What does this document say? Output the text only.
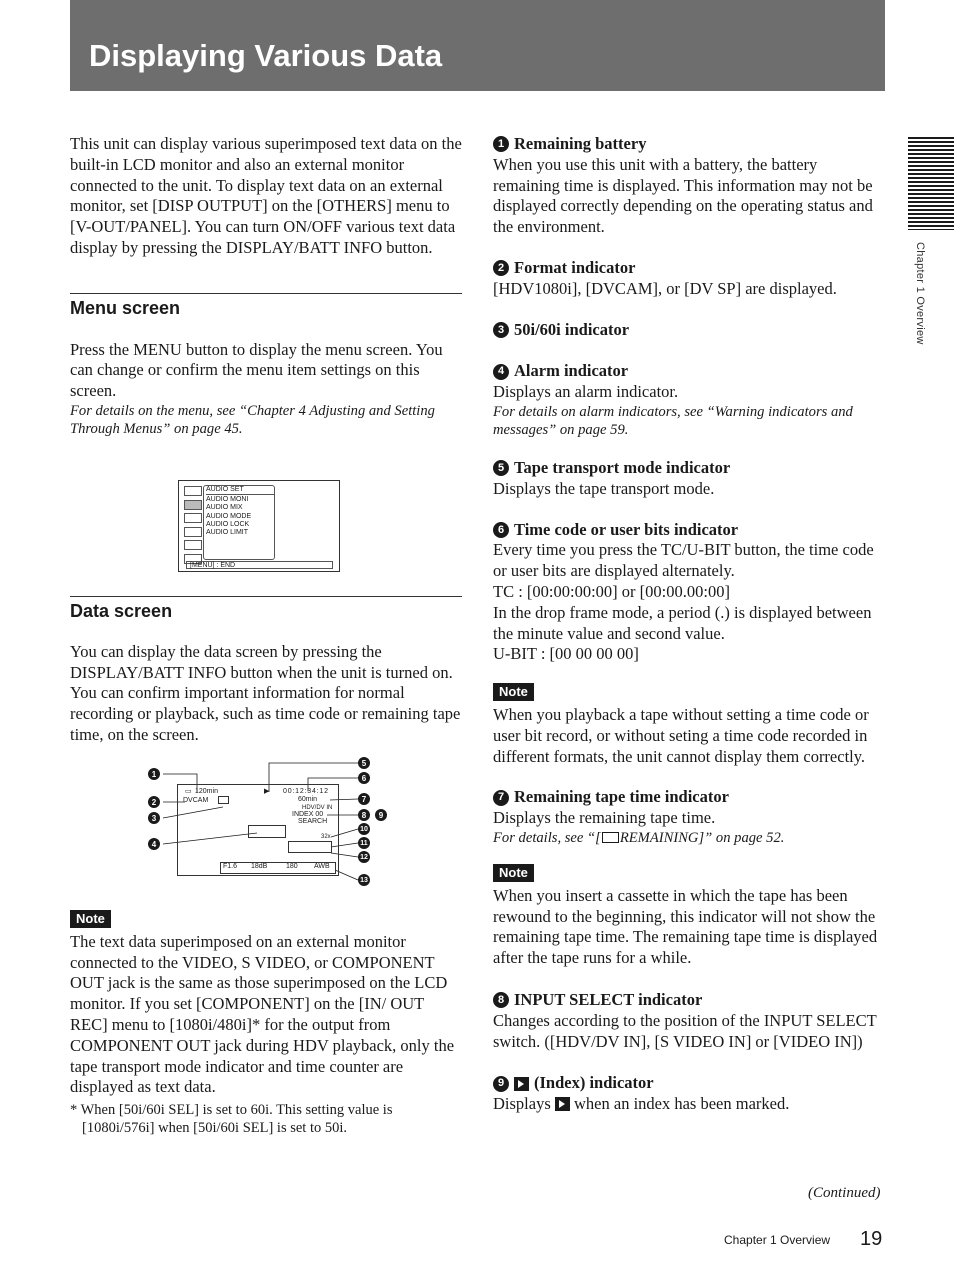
Displaying Various Data
Chapter 1 Overview

This unit can display various superimposed text data on the built-in LCD monitor and also an external monitor connected to the unit. To display text data on an external monitor, set [DISP OUTPUT] on the [OTHERS] menu to [V-OUT/PANEL]. You can turn ON/OFF various text data display by pressing the DISPLAY/BATT INFO button.

Menu screen

Press the MENU button to display the menu screen. You can change or confirm the menu item settings on this screen.

For details on the menu, see “Chapter 4 Adjusting and Setting Through Menus” on page 45.

AUDIO SET
AUDIO MONI
AUDIO MIX
AUDIO MODE
AUDIO LOCK
AUDIO LIMIT
[MENU] : END
Data screen

You can display the data screen by pressing the DISPLAY/BATT INFO button when the unit is turned on. You can confirm important information for normal recording or playback, such as time code or remaining tape time, on the screen.

▭ 120min
DVCAM
▶ 00:12:34:12
60min
HDV/DV IN
INDEX 00
SEARCH
32x
F1.6 18dB	180 AWB
1
2
3
4
5
6
7
8	9
10
11
12
13
Note

The text data superimposed on an external monitor connected to the VIDEO, S VIDEO, or COMPONENT OUT jack is the same as those superimposed on the LCD monitor. If you set [COMPONENT] on the [IN/ OUT REC] menu to [1080i/480i]* for the output from COMPONENT OUT jack during HDV playback, only the tape transport mode indicator and time counter are displayed as text data.

* When [50i/60i SEL] is set to 60i. This setting value is [1080i/576i] when [50i/60i SEL] is set to 50i.

1 Remaining battery

When you use this unit with a battery, the battery remaining time is displayed. This information may not be displayed correctly depending on the operating status and the environment.

2 Format indicator

[HDV1080i], [DVCAM], or [DV SP] are displayed.

3 50i/60i indicator
4 Alarm indicator

Displays an alarm indicator.

For details on alarm indicators, see “Warning indicators and messages” on page 59.

5 Tape transport mode indicator

Displays the tape transport mode.

6 Time code or user bits indicator

Every time you press the TC/U-BIT button, the time code or user bits are displayed alternately.

TC : [00:00:00:00] or [00:00.00:00]

In the drop frame mode, a period (.) is displayed between the minute value and second value.

U-BIT : [00 00 00 00]

Note

When you playback a tape without setting a time code or user bit record, or without seting a time code recorded in different formats, the unit cannot display them correctly.

7 Remaining tape time indicator

Displays the remaining tape time.

For details, see “[ REMAINING]” on page 52.

Note

When you insert a cassette in which the tape has been rewound to the beginning, this indicator will not show the remaining tape time. The remaining tape time is displayed after the tape runs for a while.

8 INPUT SELECT indicator

Changes according to the position of the INPUT SELECT switch. ([HDV/DV IN], [S VIDEO IN] or [VIDEO IN])

9 (Index) indicator

Displays when an index has been marked.

(Continued)
Chapter 1 Overview 19
